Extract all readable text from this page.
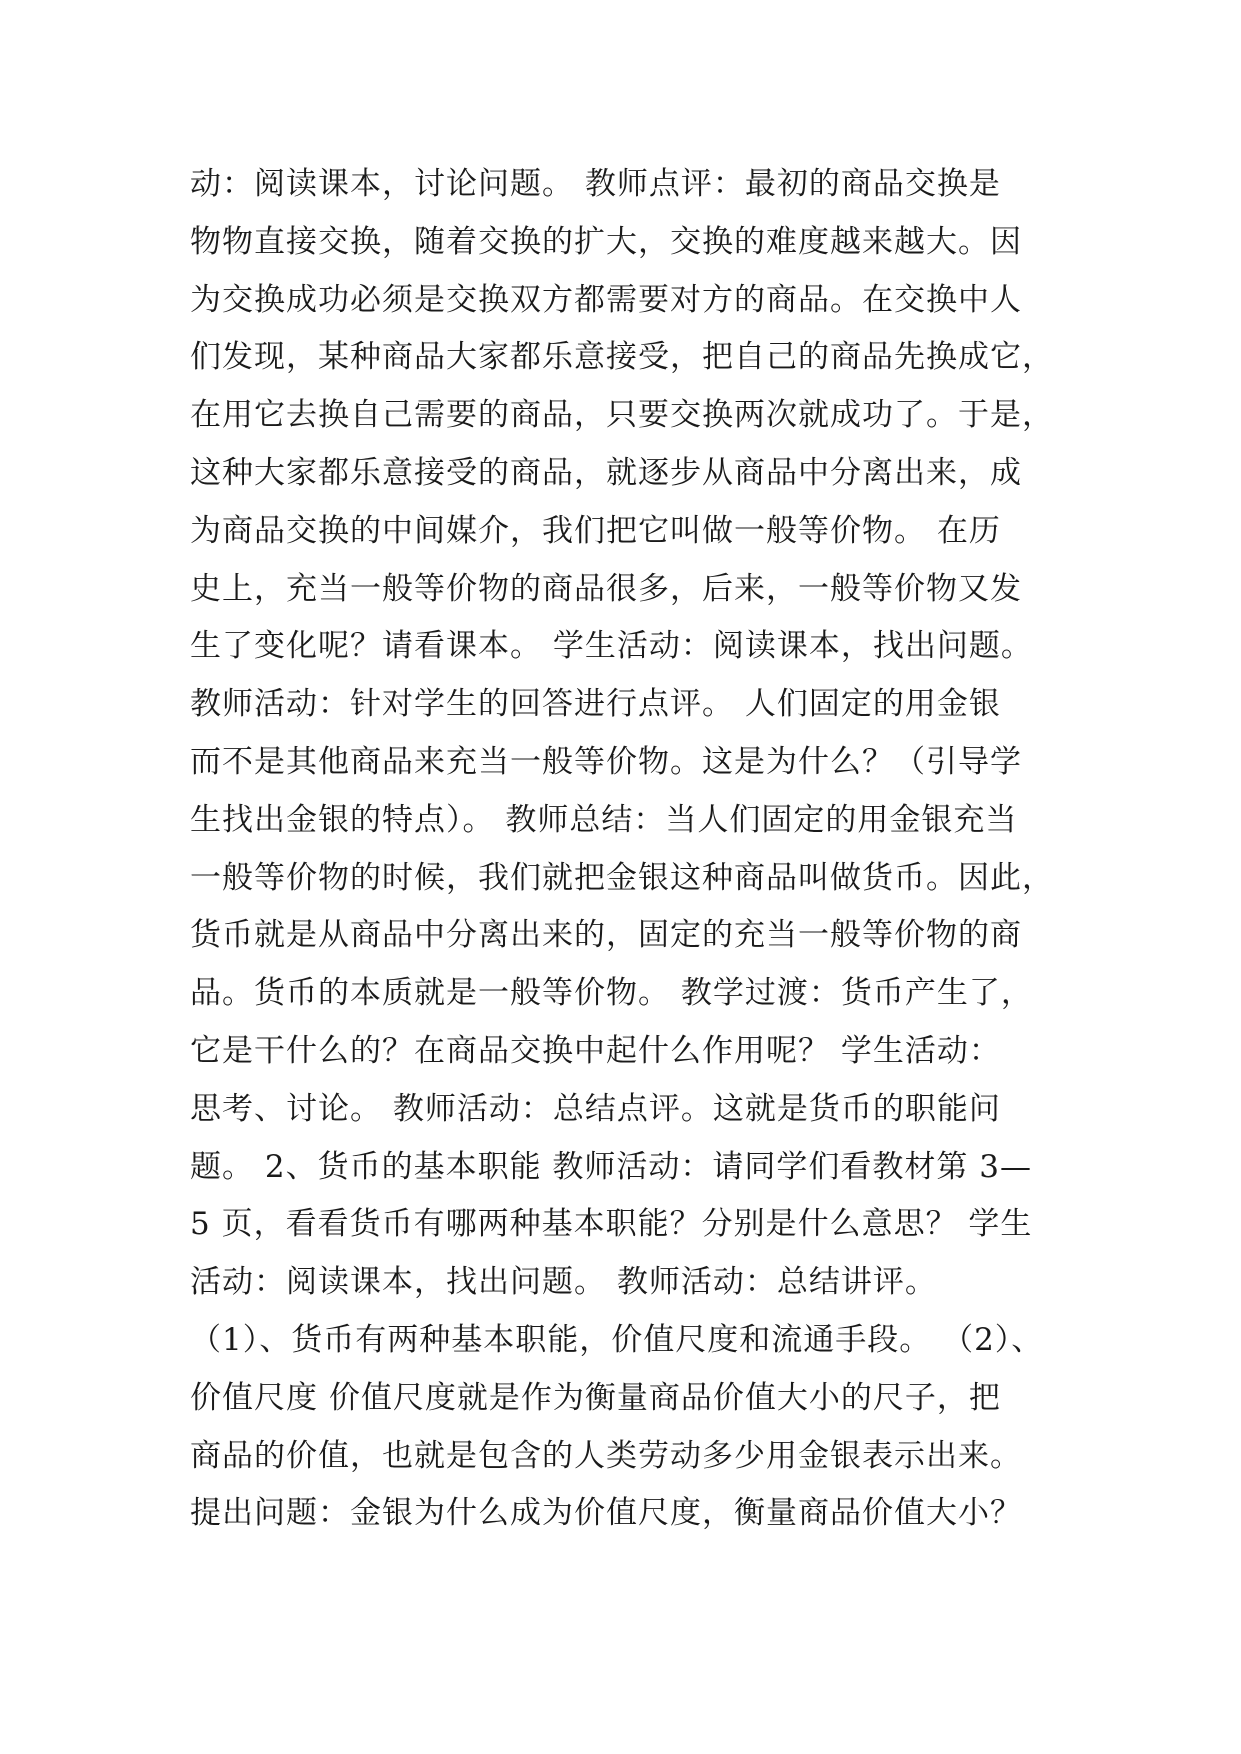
动：阅读课本，讨论问题。 教师点评：最初的商品交换是
物物直接交换，随着交换的扩大，交换的难度越来越大。因
为交换成功必须是交换双方都需要对方的商品。在交换中人
们发现，某种商品大家都乐意接受，把自己的商品先换成它，
在用它去换自己需要的商品，只要交换两次就成功了。于是，
这种大家都乐意接受的商品，就逐步从商品中分离出来，成
为商品交换的中间媒介，我们把它叫做一般等价物。 在历
史上，充当一般等价物的商品很多，后来，一般等价物又发
生了变化呢？请看课本。 学生活动：阅读课本，找出问题。
教师活动：针对学生的回答进行点评。 人们固定的用金银
而不是其他商品来充当一般等价物。这是为什么？（引导学
生找出金银的特点）。 教师总结：当人们固定的用金银充当
一般等价物的时候，我们就把金银这种商品叫做货币。因此，
货币就是从商品中分离出来的，固定的充当一般等价物的商
品。货币的本质就是一般等价物。 教学过渡：货币产生了，
它是干什么的？在商品交换中起什么作用呢？ 学生活动：
思考、讨论。 教师活动：总结点评。这就是货币的职能问
题。 2、货币的基本职能 教师活动：请同学们看教材第 3—
5 页，看看货币有哪两种基本职能？分别是什么意思？ 学生
活动：阅读课本，找出问题。 教师活动：总结讲评。
（1）、货币有两种基本职能，价值尺度和流通手段。 （2）、
价值尺度 价值尺度就是作为衡量商品价值大小的尺子，把
商品的价值，也就是包含的人类劳动多少用金银表示出来。
提出问题：金银为什么成为价值尺度，衡量商品价值大小？
